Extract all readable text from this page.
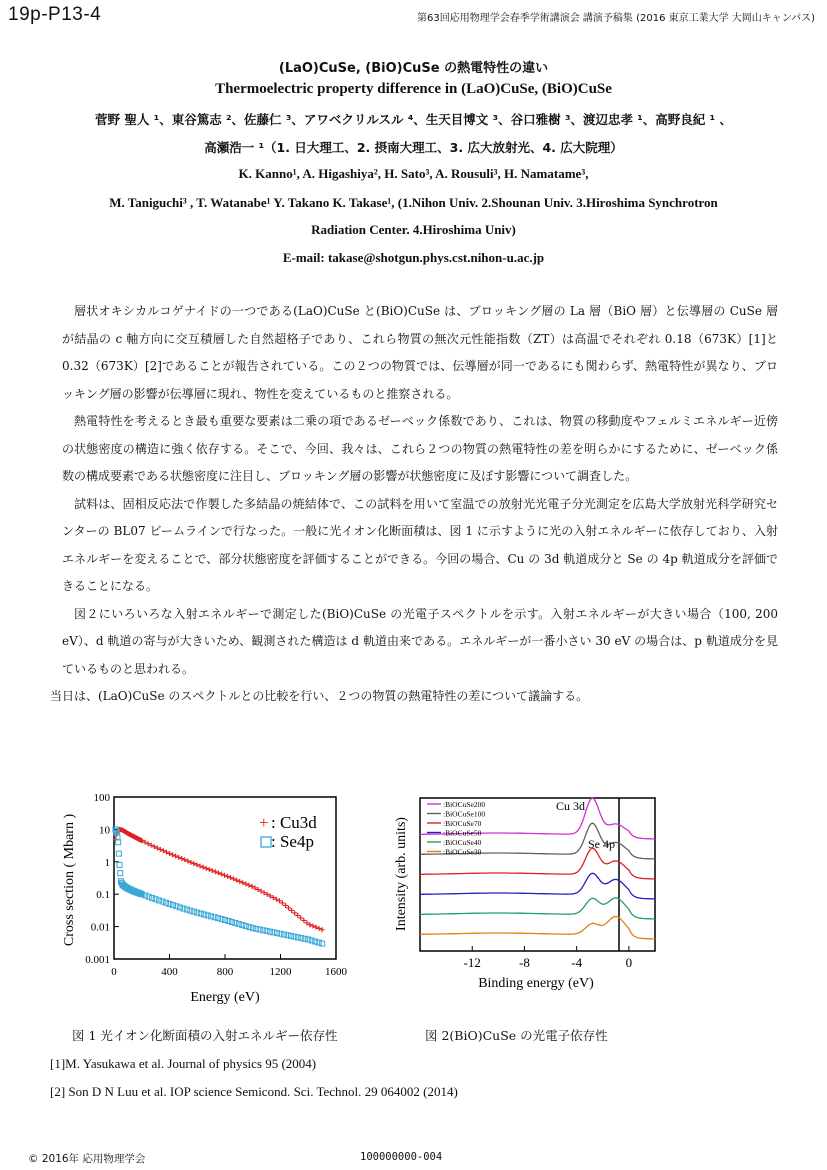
19p-P13-4	第63回応用物理学会春季学術講演会 講演予稿集 (2016 東京工業大学 大岡山キャンパス)
(LaO)CuSe, (BiO)CuSe の熱電特性の違い
Thermoelectric property difference in (LaO)CuSe, (BiO)CuSe
菅野 聖人 ¹、東谷篤志 ²、佐藤仁 ³、アワベクリルスル ⁴、生天目博文 ³、谷口雅樹 ³、渡辺忠孝 ¹、高野良紀 ¹ 、
高瀬浩一 ¹（1. 日大理工、2. 摂南大理工、3. 広大放射光、4. 広大院理）
K. Kanno¹, A. Higashiya², H. Sato³, A. Rousuli³, H. Namatame³,
M. Taniguchi³ , T. Watanabe¹ Y. Takano K. Takase¹, (1.Nihon Univ. 2.Shounan Univ. 3.Hiroshima Synchrotron
Radiation Center. 4.Hiroshima Univ)
E-mail: takase@shotgun.phys.cst.nihon-u.ac.jp

層状オキシカルコゲナイドの一つである(LaO)CuSe と(BiO)CuSe は、ブロッキング層の La 層（BiO 層）と伝導層の CuSe 層が結晶の c 軸方向に交互積層した自然超格子であり、これら物質の無次元性能指数（ZT）は高温でそれぞれ 0.18（673K）[1]と 0.32（673K）[2]であることが報告されている。この２つの物質では、伝導層が同一であるにも関わらず、熱電特性が異なり、ブロッキング層の影響が伝導層に現れ、物性を変えているものと推察される。

熱電特性を考えるとき最も重要な要素は二乗の項であるゼーベック係数であり、これは、物質の移動度やフェルミエネルギー近傍の状態密度の構造に強く依存する。そこで、今回、我々は、これら２つの物質の熱電特性の差を明らかにするために、ゼーベック係数の構成要素である状態密度に注目し、ブロッキング層の影響が状態密度に及ぼす影響について調査した。

試料は、固相反応法で作製した多結晶の焼結体で、この試料を用いて室温での放射光光電子分光測定を広島大学放射光科学研究センターの BL07 ビームラインで行なった。一般に光イオン化断面積は、図 1 に示すように光の入射エネルギーに依存しており、入射エネルギーを変えることで、部分状態密度を評価することができる。今回の場合、Cu の 3d 軌道成分と Se の 4p 軌道成分を評価できることになる。

図２にいろいろな入射エネルギーで測定した(BiO)CuSe の光電子スペクトルを示す。入射エネルギーが大きい場合（100, 200 eV）、d 軌道の寄与が大きいため、観測された構造は d 軌道由来である。エネルギーが一番小さい 30 eV の場合は、p 軌道成分を見ているものと思われる。

当日は、(LaO)CuSe のスペクトルとの比較を行い、２つの物質の熱電特性の差について議論する。

100
10
1
0.1
0.01
0.001
0	400	800	1200	1600
Cross section ( Mbarn )
Energy (eV)
+ : Cu3d
: Se4p
-12	-8	-4	0
:BiOCuSe200
:BiOCuSe100
:BiOCuSe70
:BiOCuSe50
:BiOCuSe40
:BiOCuSe30
Cu 3d
Se 4p
Intensity (arb. units)
Binding energy (eV)
図 1 光イオン化断面積の入射エネルギー依存性	図 2(BiO)CuSe の光電子依存性
[1]M. Yasukawa et al. Journal of physics 95 (2004)
[2] Son D N Luu et al. IOP science Semicond. Sci. Technol. 29 064002 (2014)
© 2016年 応用物理学会	100000000-004
